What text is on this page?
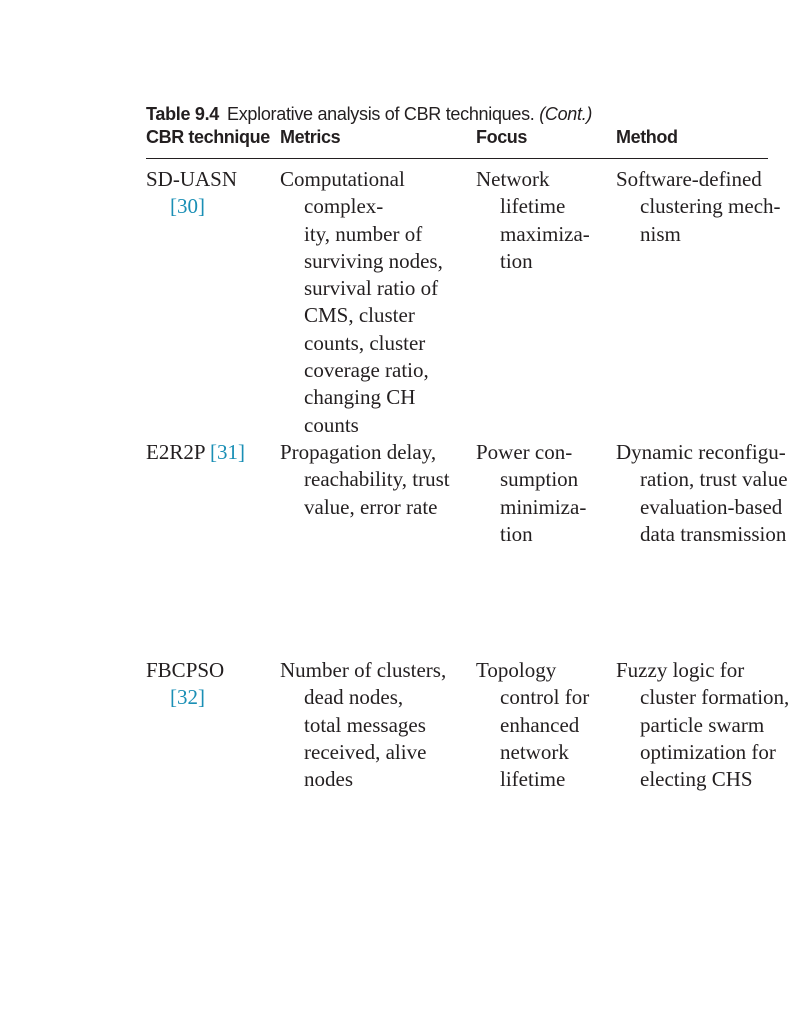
Table 9.4 Explorative analysis of CBR techniques. (Cont.)

CBR technique Metrics	Focus	Method
SD-UASN
[30]
Computational
complex-
ity, number of
surviving nodes,
survival ratio of
CMS, cluster
counts, cluster
coverage ratio,
changing CH
counts
Network
lifetime
maximiza-
tion
Software-defined
clustering mech-
nism
E2R2P [31] Propagation delay,
reachability, trust
value, error rate
Power con-
sumption
minimiza-
tion
Dynamic reconfigu-
ration, trust value
evaluation-based
data transmission
FBCPSO
[32]
Number of clusters,
dead nodes,
total messages
received, alive
nodes
Topology
control for
enhanced
network
lifetime
Fuzzy logic for
cluster formation,
particle swarm
optimization for
electing CHS
